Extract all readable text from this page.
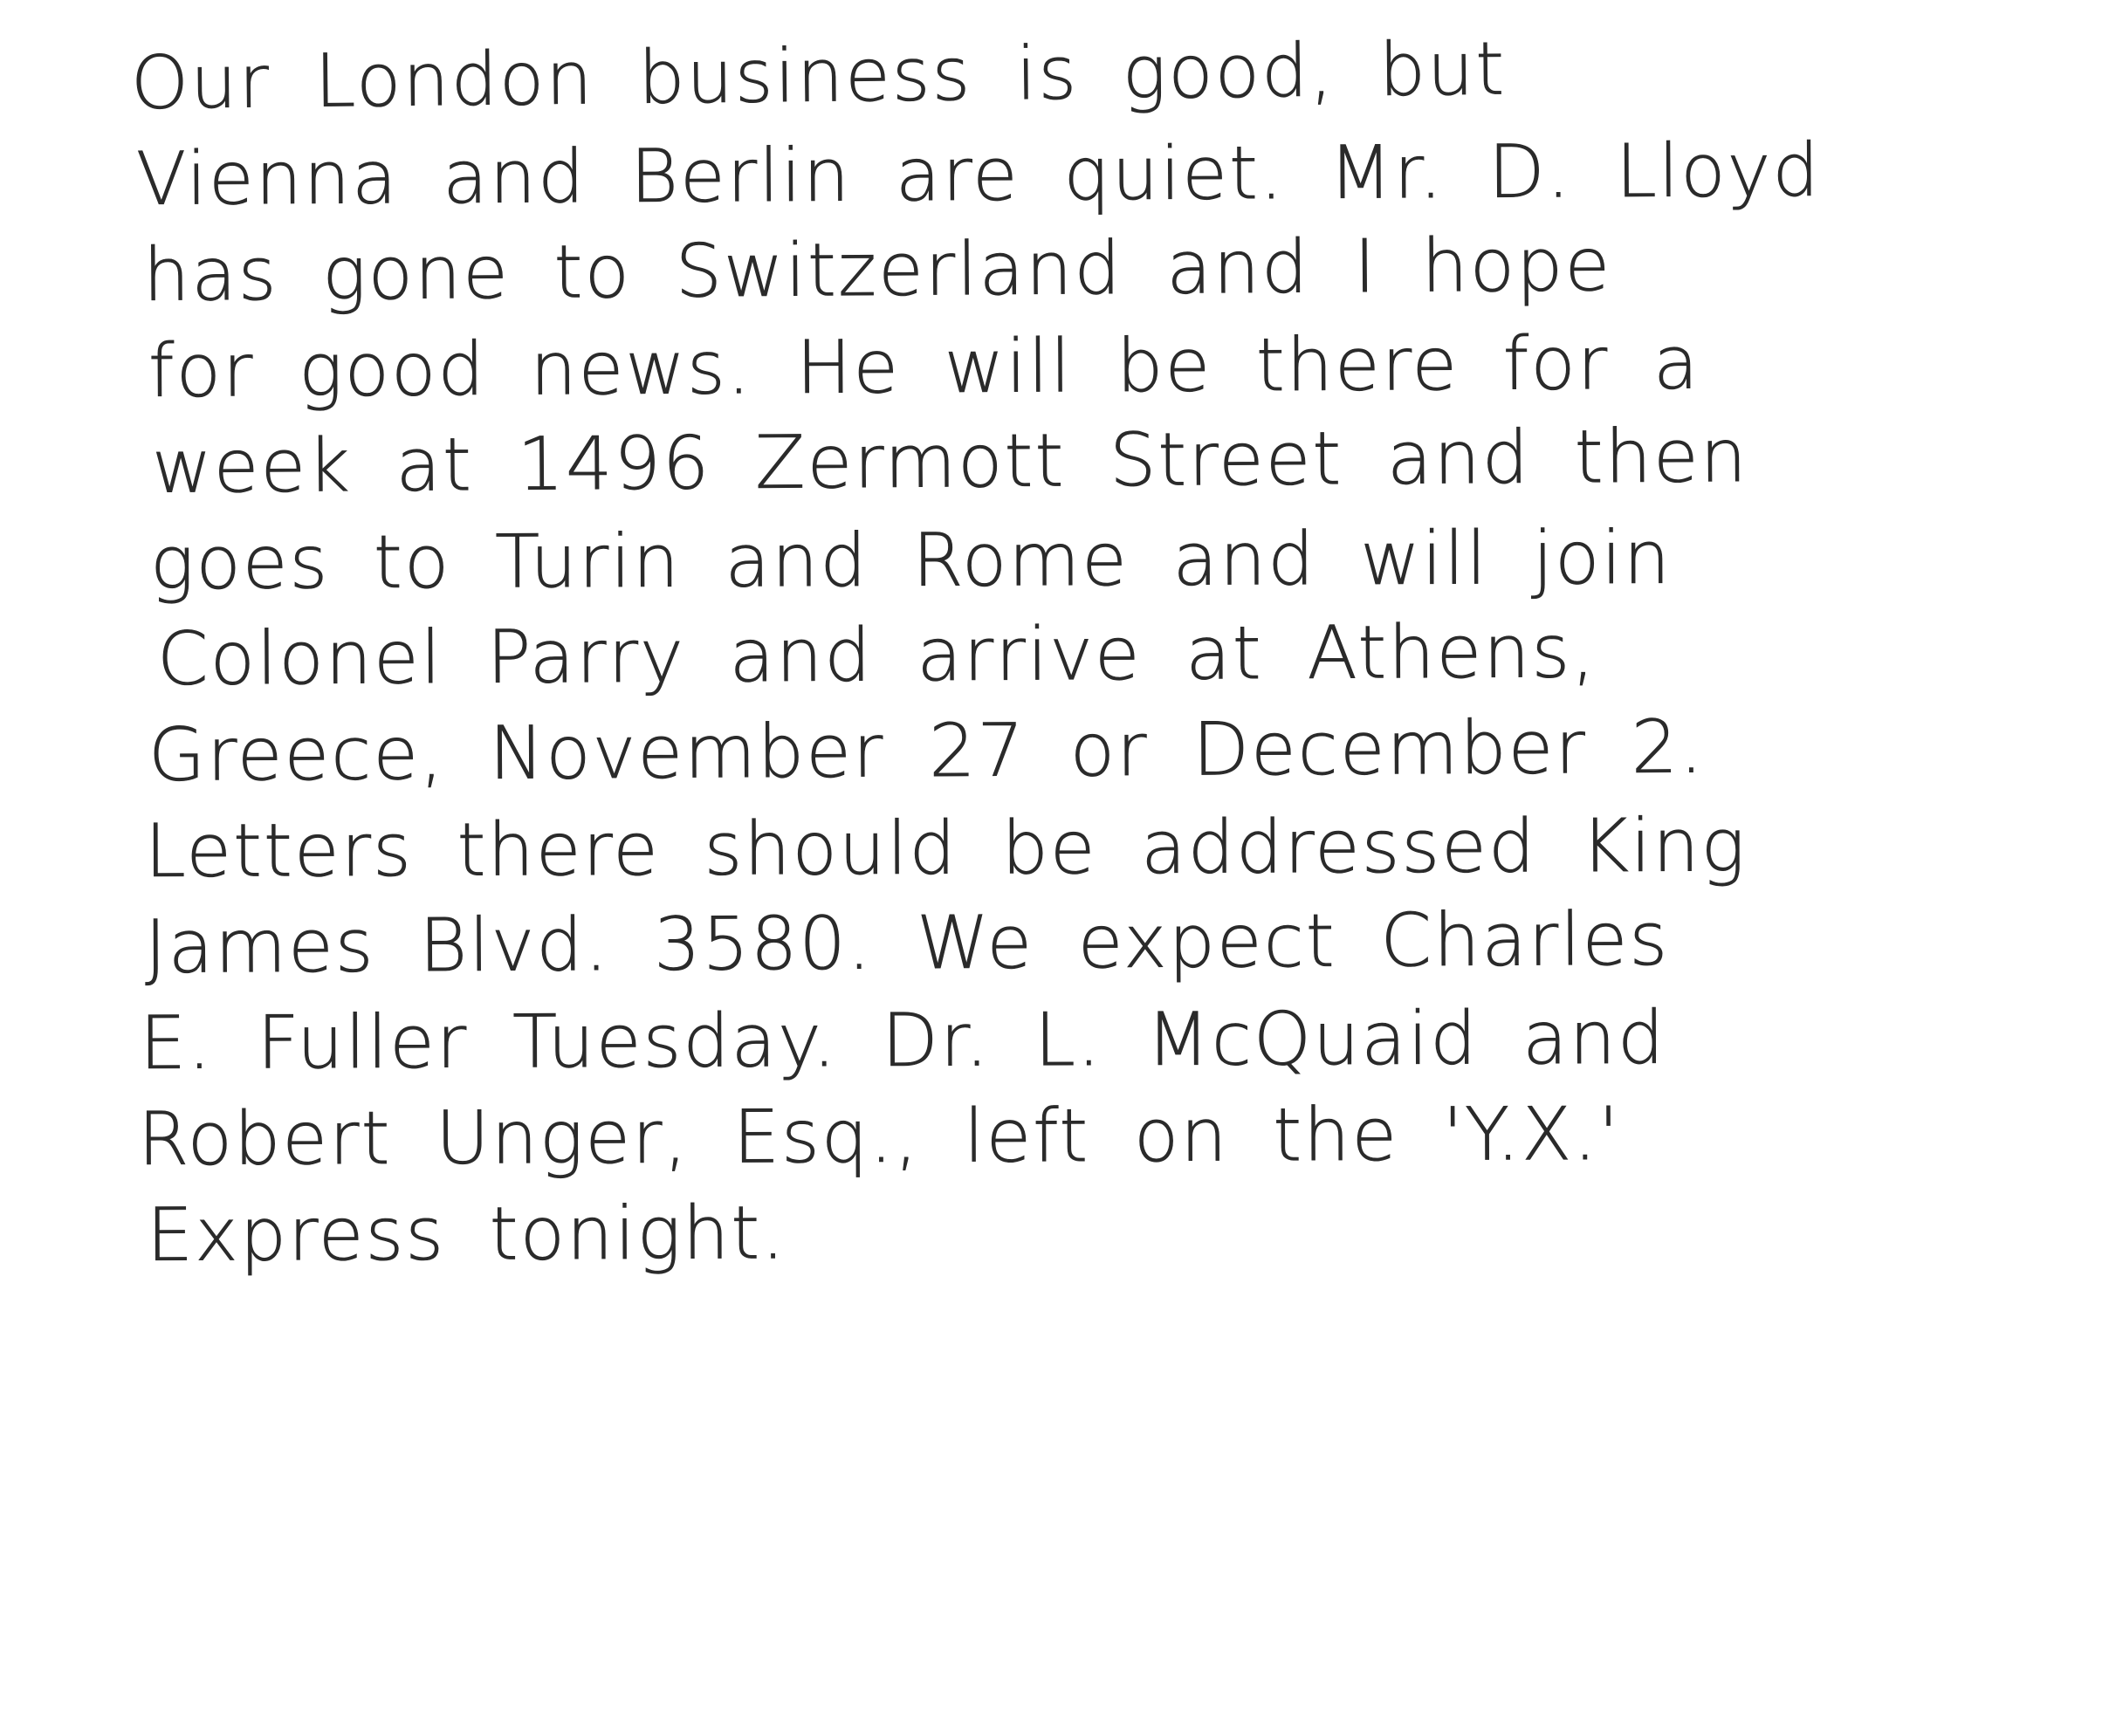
Our London business is good, but
Vienna and Berlin are quiet. Mr. D. Lloyd
has gone to Switzerland and I hope
for good news. He will be there for a
week at 1496 Zermott Street and then
goes to Turin and Rome and will join
Colonel Parry and arrive at Athens,
Greece, November 27 or December 2.
Letters there should be addressed King
James Blvd. 3580. We expect Charles
E. Fuller Tuesday. Dr. L. McQuaid and
Robert Unger, Esq., left on the 'Y.X.'
Express tonight.
